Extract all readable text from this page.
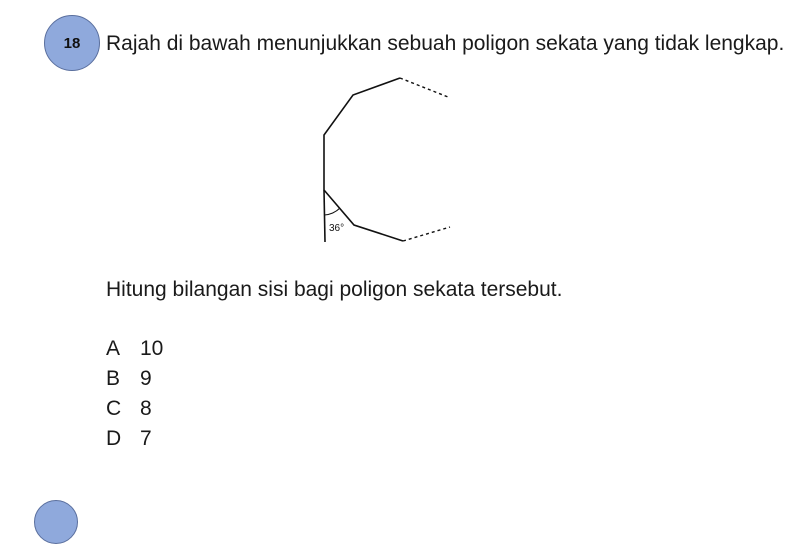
18 Rajah di bawah menunjukkan sebuah poligon sekata yang tidak lengkap.
36°
Hitung bilangan sisi bagi poligon sekata tersebut.
A 10
B 9
C 8
D 7
